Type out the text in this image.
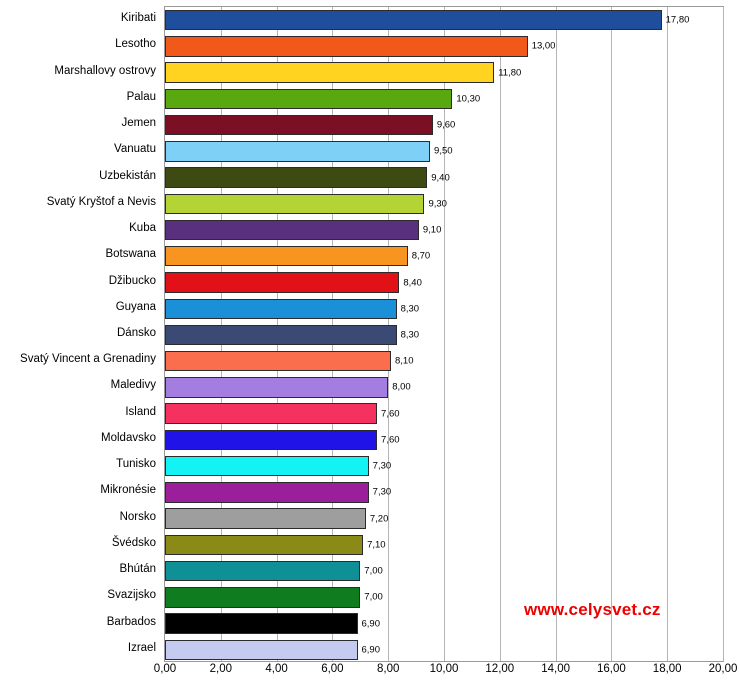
17,80
13,00
11,80
10,30
9,60
9,50
9,40
9,30
9,10
8,70
8,40
8,30
8,30
8,10
8,00
7,60
7,60
7,30
7,30
7,20
7,10
7,00
7,00
6,90
6,90
0,00	2,00	4,00	6,00	8,00	10,00 12,00 14,00 16,00 18,00 20,00
www.celysvet.cz
Kiribati
Lesotho
Marshallovy ostrovy
Palau
Jemen
Vanuatu
Uzbekistán
Svatý Kryštof a Nevis
Kuba
Botswana
Džibucko
Guyana
Dánsko
Svatý Vincent a Grenadiny
Maledivy
Island
Moldavsko
Tunisko
Mikronésie
Norsko
Švédsko
Bhútán
Svazijsko
Barbados
Izrael
